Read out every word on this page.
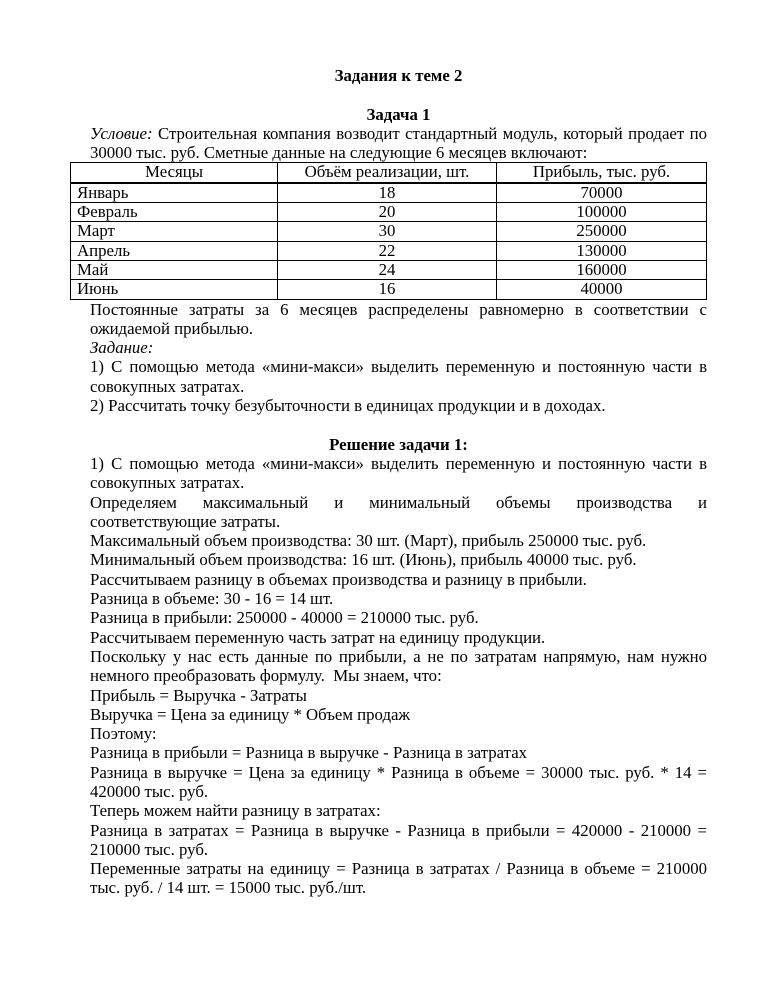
Задания к теме 2
Задача 1

Условие: Строительная компания возводит стандартный модуль, который продает по 30000 тыс. руб. Сметные данные на следующие 6 месяцев включают:

Месяцы	Объём реализации, шт.	Прибыль, тыс. руб.
Январь	18	70000
Февраль	20	100000
Март	30	250000
Апрель	22	130000
Май	24	160000
Июнь	16	40000

Постоянные затраты за 6 месяцев распределены равномерно в соответствии с ожидаемой прибылью.

Задание:

1) С помощью метода «мини-макси» выделить переменную и постоянную части в совокупных затратах.

2) Рассчитать точку безубыточности в единицах продукции и в доходах.

Решение задачи 1:

1) С помощью метода «мини-макси» выделить переменную и постоянную части в совокупных затратах.

Определяем максимальный и минимальный объемы производства и соответствующие затраты.

Максимальный объем производства: 30 шт. (Март), прибыль 250000 тыс. руб.

Минимальный объем производства: 16 шт. (Июнь), прибыль 40000 тыс. руб.

Рассчитываем разницу в объемах производства и разницу в прибыли.

Разница в объеме: 30 - 16 = 14 шт.

Разница в прибыли: 250000 - 40000 = 210000 тыс. руб.

Рассчитываем переменную часть затрат на единицу продукции.

Поскольку у нас есть данные по прибыли, а не по затратам напрямую, нам нужно немного преобразовать формулу.  Мы знаем, что:

Прибыль = Выручка - Затраты

Выручка = Цена за единицу * Объем продаж

Поэтому:

Разница в прибыли = Разница в выручке - Разница в затратах

Разница в выручке = Цена за единицу * Разница в объеме = 30000 тыс. руб. * 14 = 420000 тыс. руб.

Теперь можем найти разницу в затратах:

Разница в затратах = Разница в выручке - Разница в прибыли = 420000 - 210000 = 210000 тыс. руб.

Переменные затраты на единицу = Разница в затратах / Разница в объеме = 210000 тыс. руб. / 14 шт. = 15000 тыс. руб./шт.
